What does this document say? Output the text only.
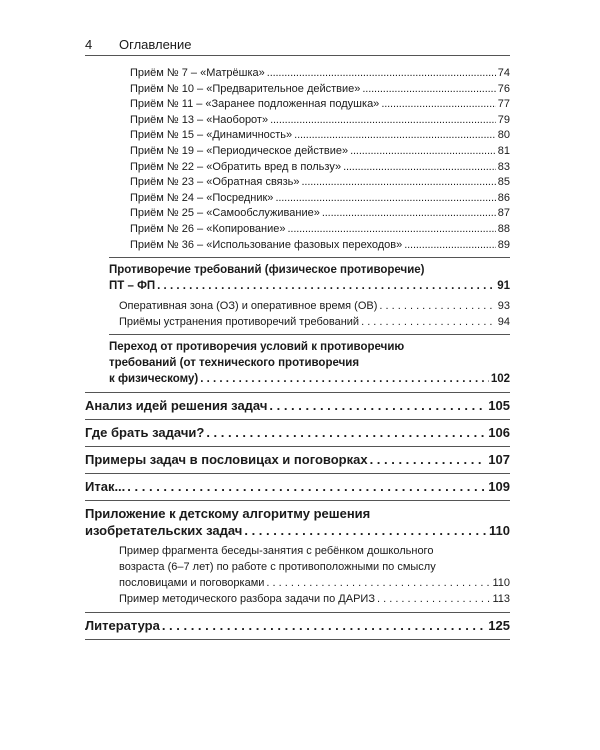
4	Оглавление
Приём № 7 – «Матрёшка» . . .	74
Приём № 10 – «Предварительное действие» . . .	76
Приём № 11 – «Заранее подложенная подушка» . . .	77
Приём № 13 – «Наоборот» . . .	79
Приём № 15 – «Динамичность» . . .	80
Приём № 19 – «Периодическое действие» . . .	81
Приём № 22 – «Обратить вред в пользу» . . .	83
Приём № 23 – «Обратная связь» . . .	85
Приём № 24 – «Посредник» . . .	86
Приём № 25 – «Самообслуживание» . . .	87
Приём № 26 – «Копирование» . . .	88
Приём № 36 – «Использование фазовых переходов» . . .	89
Противоречие требований (физическое противоречие)
ПТ – ФП . . .	91
Оперативная зона (ОЗ) и оперативное время (ОВ) . . .	93
Приёмы устранения противоречий требований . . .	94
Переход от противоречия условий к противоречию
требований (от технического противоречия
к физическому) . . .	102
Анализ идей решения задач . . .	105
Где брать задачи? . . .	106
Примеры задач в пословицах и поговорках . . .	107
Итак... . . .	109
Приложение к детскому алгоритму решения
изобретательских задач . . .	110
Пример фрагмента беседы-занятия с ребёнком дошкольного
возраста (6–7 лет) по работе с противоположными по смыслу
пословицами и поговорками . . .	110
Пример методического разбора задачи по ДАРИЗ . . .	113
Литература . . .	125
